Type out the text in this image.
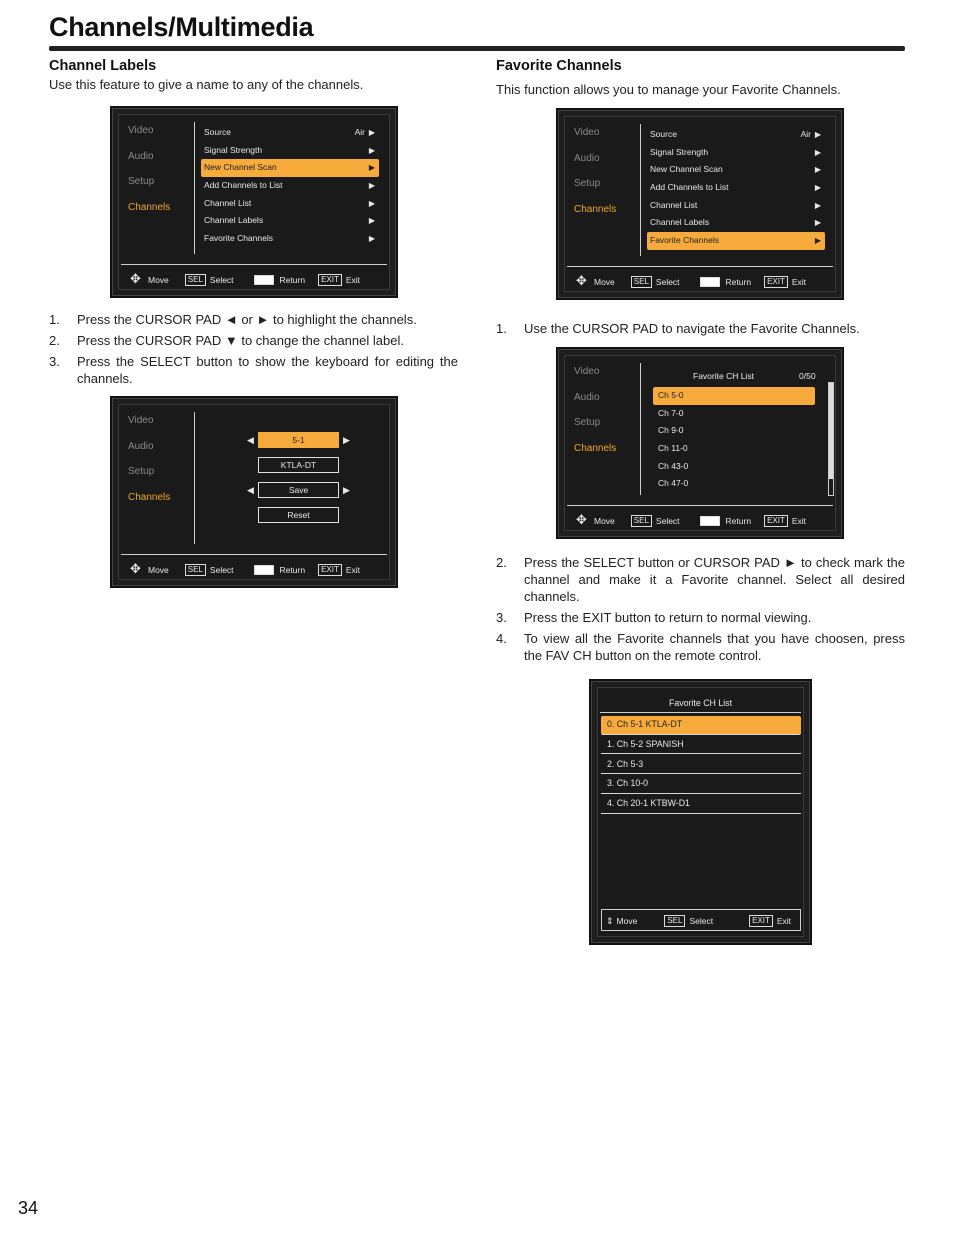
Channels/Multimedia
Channel Labels
Use this feature to give a name to any of the channels.
Video
Audio
Setup
Channels
Source	Air ▶
Signal Strength	▶
New Channel Scan	▶
Add Channels to List	▶
Channel List	▶
Channel Labels	▶
Favorite Channels	▶
✥
Move	SEL Select	Return	EXIT Exit
1. Press the CURSOR PAD ◄ or ► to highlight the channels.
2. Press the CURSOR PAD ▼ to change the channel label.
3. Press the SELECT button to show the keyboard for editing the channels.
Video
Audio
Setup
Channels
◀	5-1	▶
KTLA-DT
◀	Save	▶
Reset
✥
Move	SEL Select	Return	EXIT Exit
Favorite Channels
This function allows you to manage your Favorite Channels.
Video
Audio
Setup
Channels
Source	Air ▶
Signal Strength	▶
New Channel Scan	▶
Add Channels to List	▶
Channel List	▶
Channel Labels	▶
Favorite Channels	▶
✥
Move	SEL Select	Return	EXIT Exit
1. Use the CURSOR PAD to navigate the Favorite Channels.
Video
Audio
Setup
Channels
Favorite CH List	0/50
Ch 5-0
Ch 7-0
Ch 9-0
Ch 11-0
Ch 43-0
Ch 47-0
✥
Move	SEL Select	Return	EXIT Exit
2. Press the SELECT button or CURSOR PAD ► to check mark the channel and make it a Favorite channel. Select all desired channels.
3. Press the EXIT button to return to normal viewing.
4. To view all the Favorite channels that you have choosen, press the FAV CH button on the remote control.
Favorite CH List
0. Ch 5-1 KTLA-DT
1. Ch 5-2 SPANISH
2. Ch 5-3
3. Ch 10-0
4. Ch 20-1 KTBW-D1
⇕ Move	SEL Select	EXIT Exit
34
